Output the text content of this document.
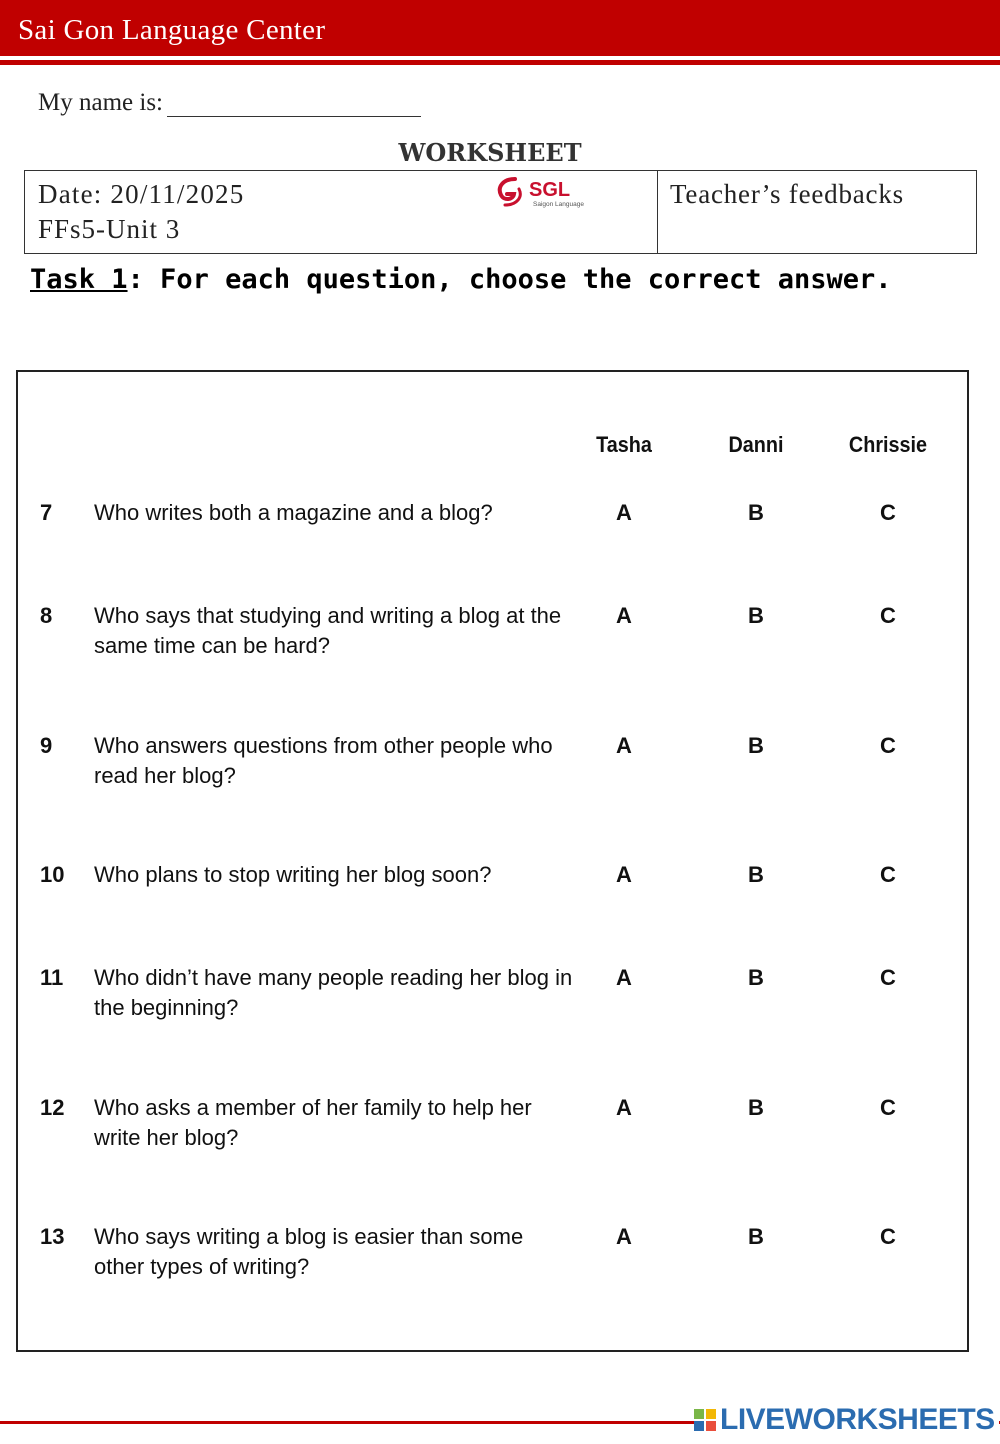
Sai Gon Language Center
My name is:
WORKSHEET
Date: 20/11/2025
FFs5-Unit 3
SGL
Saigon Language	Teacher’s feedbacks
Task 1: For each question, choose the correct answer.
Tasha	Danni	Chrissie
7 Who writes both a magazine and a blog?	A	B	C
8 Who says that studying and writing a blog at the
same time can be hard?
A	B	C
9 Who answers questions from other people who
read her blog?
A	B	C
10 Who plans to stop writing her blog soon?	A	B	C
11 Who didn’t have many people reading her blog in
the beginning?
A	B	C
12 Who asks a member of her family to help her
write her blog?
A	B	C
13 Who says writing a blog is easier than some
other types of writing?
A	B	C
LIVEWORKSHEETS
